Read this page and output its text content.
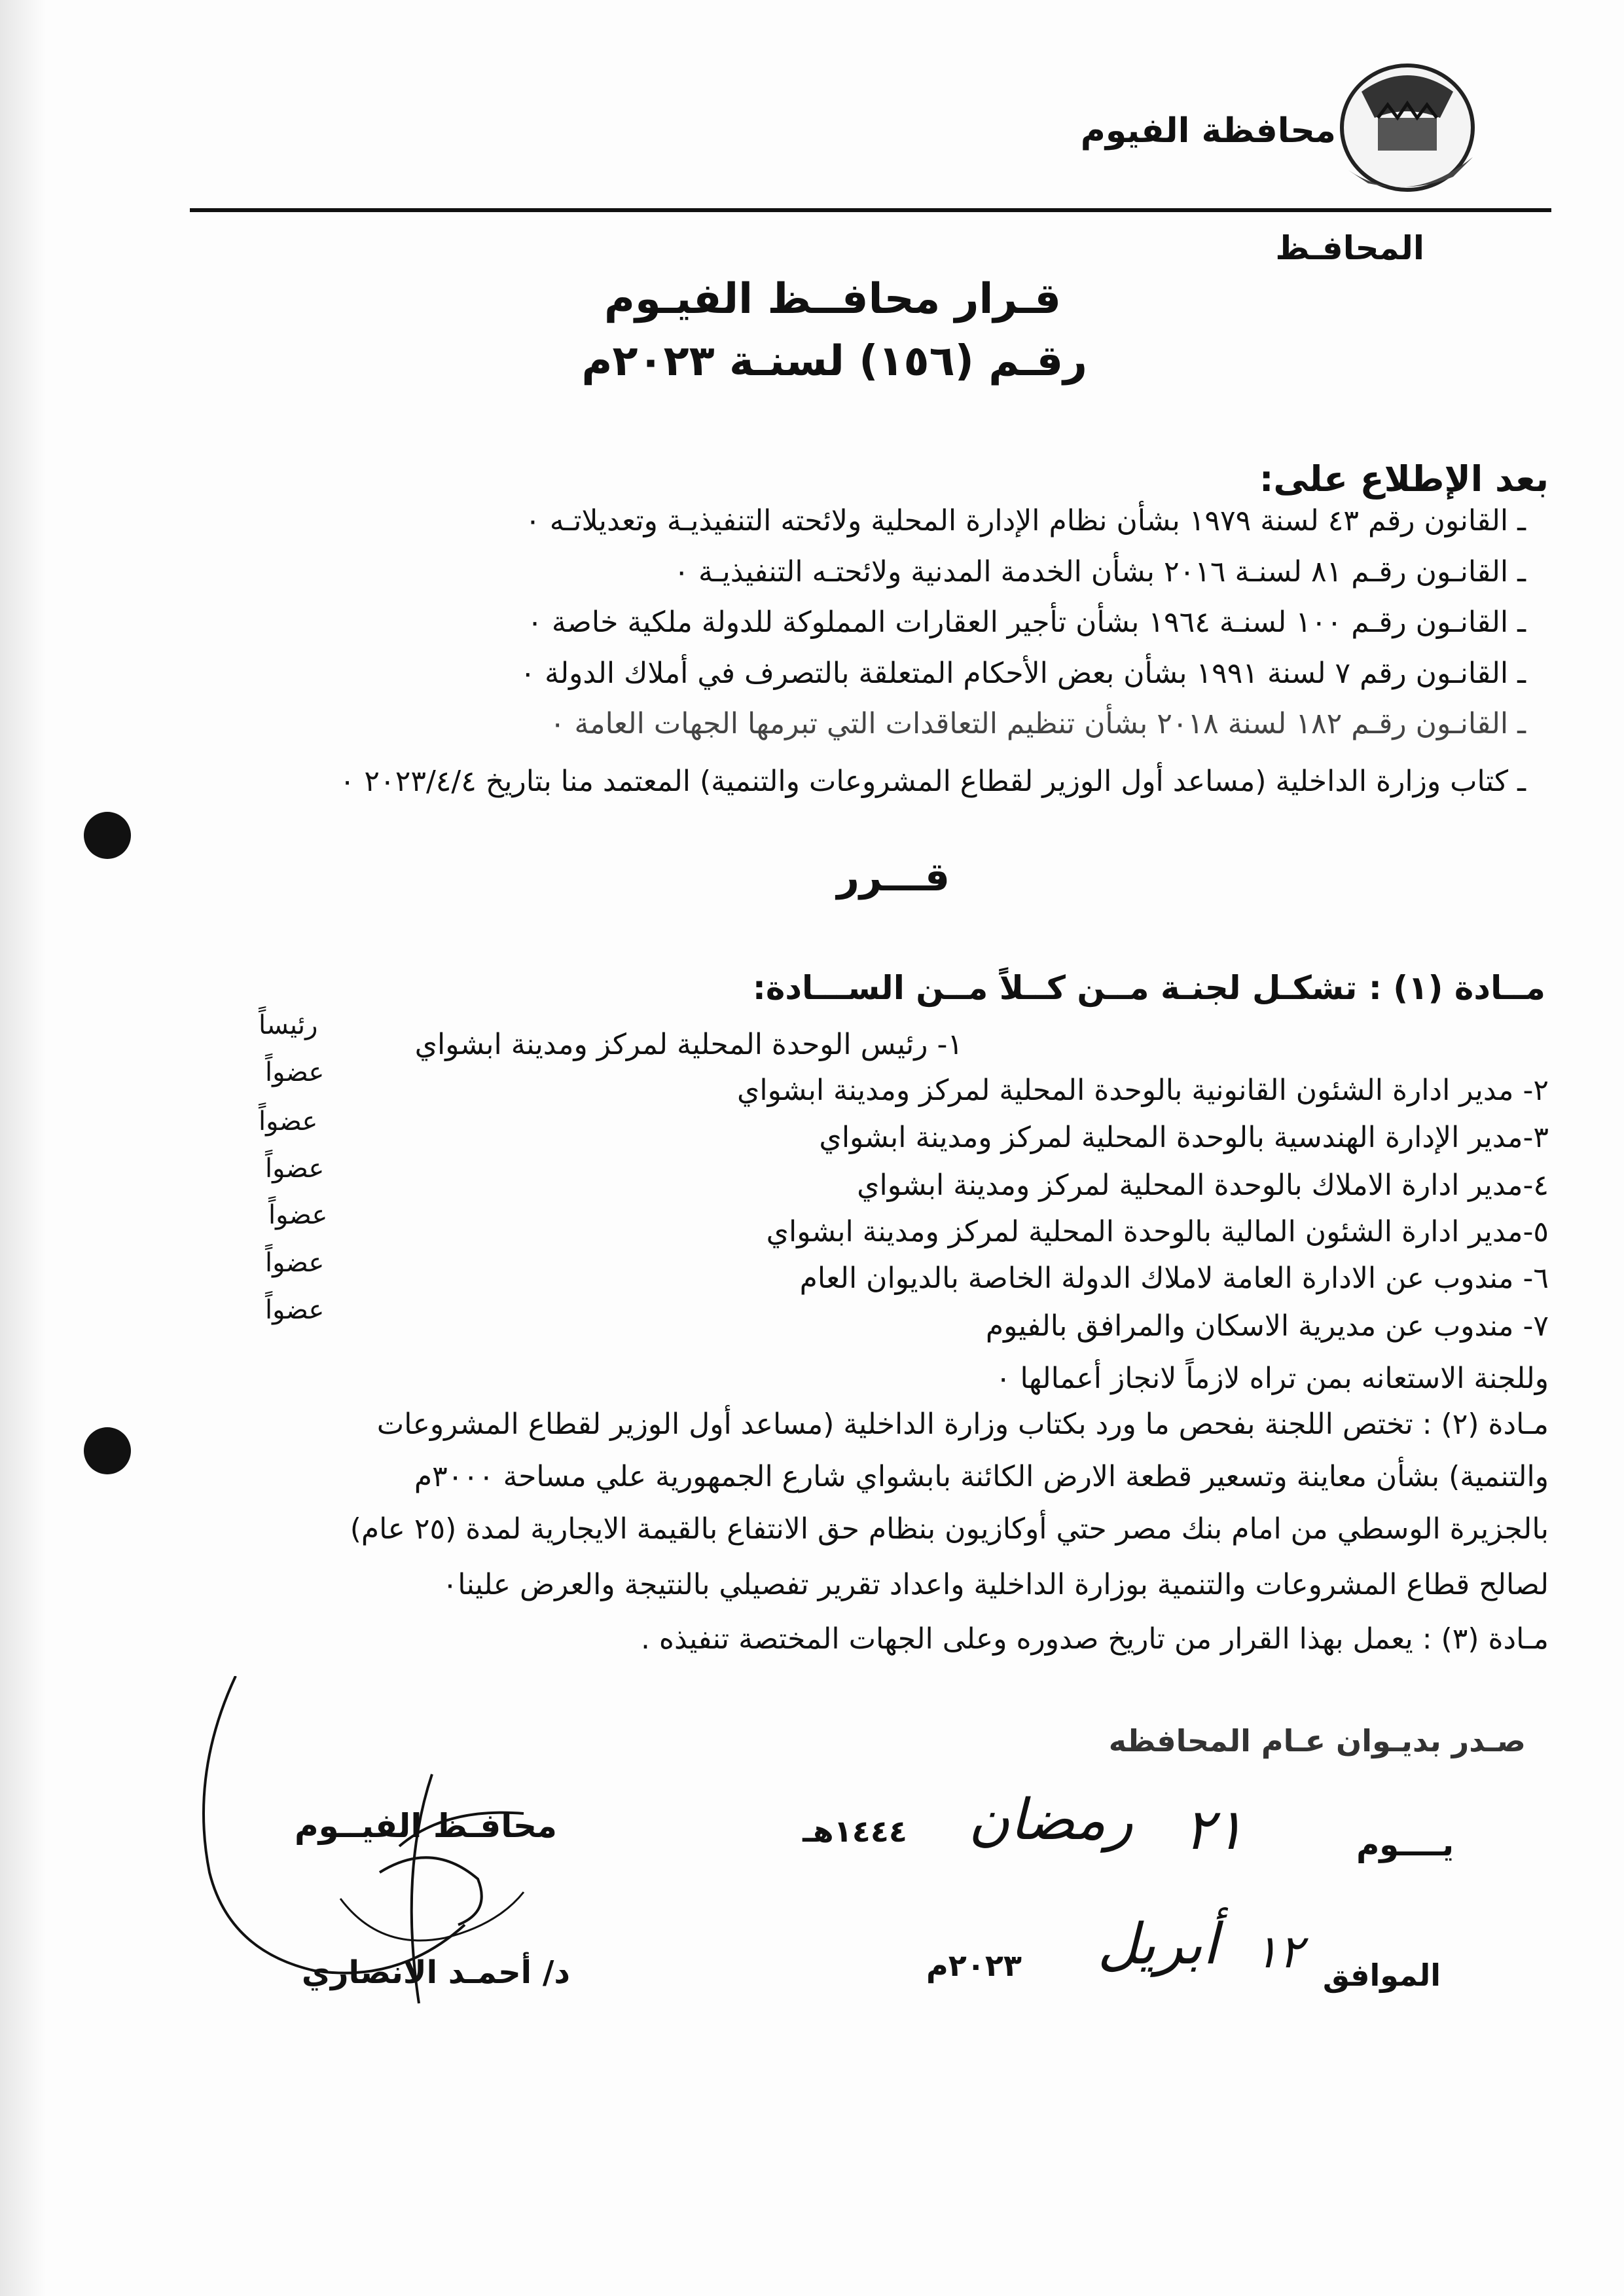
محافظة الفيوم
المحافـظ
قـرار محافــظ الفيـوم
رقـم (١٥٦) لسنـة ٢٠٢٣م
بعد الإطلاع على:
ـ القانون رقم ٤٣ لسنة ١٩٧٩ بشأن نظام الإدارة المحلية ولائحته التنفيذيـة وتعديلاتـه ٠
ـ القانـون رقـم ٨١ لسنـة ٢٠١٦ بشأن الخدمة المدنية ولائحتـه التنفيذيـة ٠
ـ القانـون رقـم ١٠٠ لسنـة ١٩٦٤ بشأن تأجير العقارات المملوكة للدولة ملكية خاصة ٠
ـ القانـون رقم ٧ لسنة ١٩٩١ بشأن بعض الأحكام المتعلقة بالتصرف في أملاك الدولة ٠
ـ القانـون رقـم ١٨٢ لسنة ٢٠١٨ بشأن تنظيم التعاقدات التي تبرمها الجهات العامة ٠
ـ كتاب وزارة الداخلية (مساعد أول الوزير لقطاع المشروعات والتنمية) المعتمد منا بتاريخ ٢٠٢٣/٤/٤ ٠
قـــرر
مــادة (١) : تشكـل لجنـة مــن كــلاً مــن الســـادة:
١- رئيس الوحدة المحلية لمركز ومدينة ابشواي
رئيساً
٢- مدير ادارة الشئون القانونية بالوحدة المحلية لمركز ومدينة ابشواي
عضواً
٣-مدير الإدارة الهندسية بالوحدة المحلية لمركز ومدينة ابشواي
عضواً
٤-مدير ادارة الاملاك بالوحدة المحلية لمركز ومدينة ابشواي
عضواً
٥-مدير ادارة الشئون المالية بالوحدة المحلية لمركز ومدينة ابشواي
عضواً
٦- مندوب عن الادارة العامة لاملاك الدولة الخاصة بالديوان العام
عضواً
٧- مندوب عن مديرية الاسكان والمرافق بالفيوم
عضواً
وللجنة الاستعانه بمن تراه لازماً لانجاز أعمالها ٠
مـادة (٢) : تختص اللجنة بفحص ما ورد بكتاب وزارة الداخلية (مساعد أول الوزير لقطاع المشروعات
والتنمية) بشأن معاينة وتسعير قطعة الارض الكائنة بابشواي شارع الجمهورية علي مساحة ٣٠٠٠م
بالجزيرة الوسطي من امام بنك مصر حتي أوكازيون بنظام حق الانتفاع بالقيمة الايجارية لمدة (٢٥ عام)
لصالح قطاع المشروعات والتنمية بوزارة الداخلية واعداد تقرير تفصيلي بالنتيجة والعرض علينا٠
مـادة (٣) : يعمل بهذا القرار من تاريخ صدوره وعلى الجهات المختصة تنفيذه .
صـدر بديـوان عـام المحافظه
يــــوم
٢١
رمضان
١٤٤٤هـ
الموافق
١٢
أبريل
٢٠٢٣م
محافـظ الفيــوم
د/ أحمـد الانصاري
